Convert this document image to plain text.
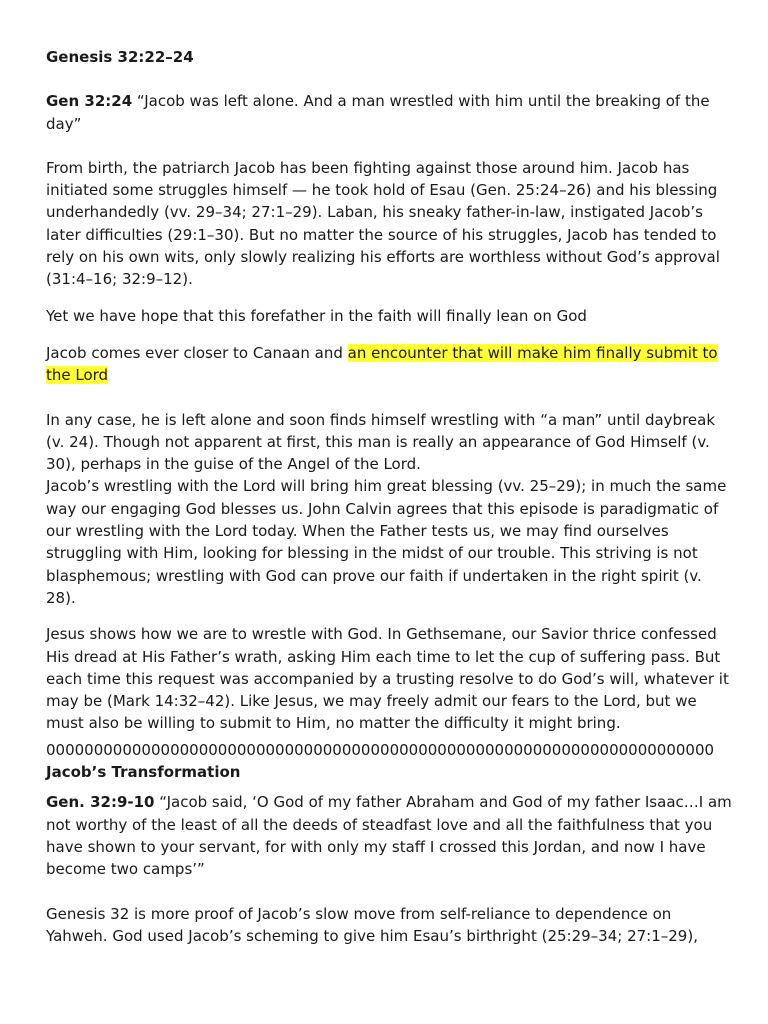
Genesis 32:22–24

Gen 32:24 “Jacob was left alone. And a man wrestled with him until the breaking of the day”

From birth, the patriarch Jacob has been fighting against those around him. Jacob has initiated some struggles himself — he took hold of Esau (Gen. 25:24–26) and his blessing underhandedly (vv. 29–34; 27:1–29). Laban, his sneaky father-in-law, instigated Jacob’s later difficulties (29:1–30). But no matter the source of his struggles, Jacob has tended to rely on his own wits, only slowly realizing his efforts are worthless without God’s approval (31:4–16; 32:9–12).

Yet we have hope that this forefather in the faith will finally lean on God

Jacob comes ever closer to Canaan and an encounter that will make him finally submit to the Lord

In any case, he is left alone and soon finds himself wrestling with “a man” until daybreak (v. 24). Though not apparent at first, this man is really an appearance of God Himself (v. 30), perhaps in the guise of the Angel of the Lord.

Jacob’s wrestling with the Lord will bring him great blessing (vv. 25–29); in much the same way our engaging God blesses us. John Calvin agrees that this episode is paradigmatic of our wrestling with the Lord today. When the Father tests us, we may find ourselves struggling with Him, looking for blessing in the midst of our trouble. This striving is not blasphemous; wrestling with God can prove our faith if undertaken in the right spirit (v. 28).

Jesus shows how we are to wrestle with God. In Gethsemane, our Savior thrice confessed His dread at His Father’s wrath, asking Him each time to let the cup of suffering pass. But each time this request was accompanied by a trusting resolve to do God’s will, whatever it may be (Mark 14:32–42). Like Jesus, we may freely admit our fears to the Lord, but we must also be willing to submit to Him, no matter the difficulty it might bring.

0000000000000000000000000000000000000000000000000000000000000000000000

Jacob’s Transformation

Gen. 32:9-10 “Jacob said, ‘O God of my father Abraham and God of my father Isaac…I am not worthy of the least of all the deeds of steadfast love and all the faithfulness that you have shown to your servant, for with only my staff I crossed this Jordan, and now I have become two camps’”

Genesis 32 is more proof of Jacob’s slow move from self-reliance to dependence on Yahweh. God used Jacob’s scheming to give him Esau’s birthright (25:29–34; 27:1–29),
